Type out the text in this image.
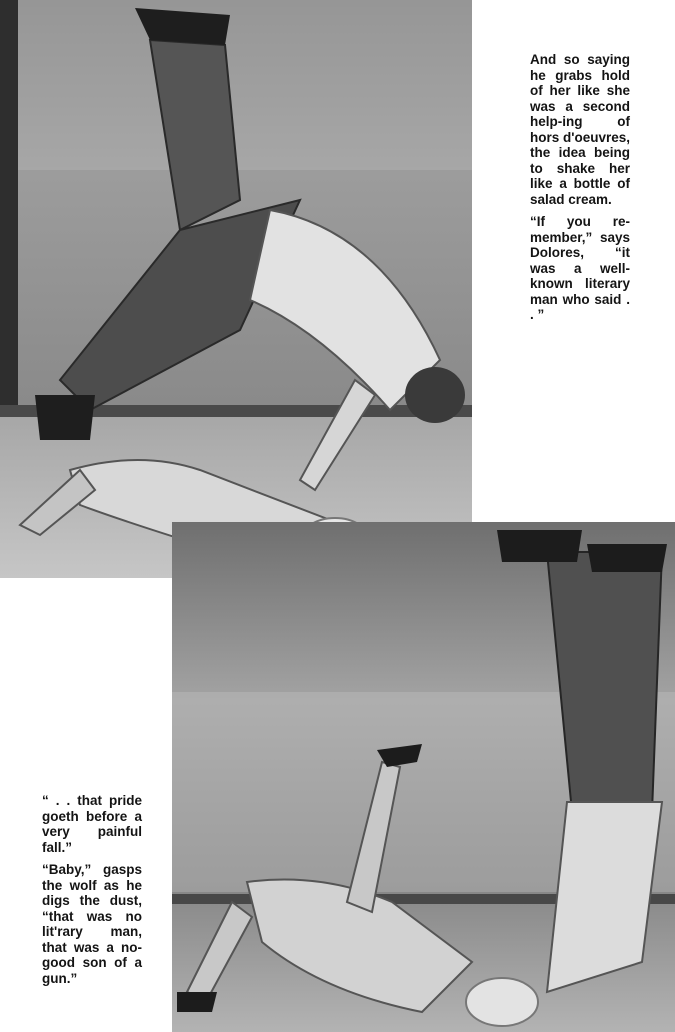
And so saying he grabs hold of her like she was a second help-ing of hors d'oeuvres, the idea being to shake her like a bottle of salad cream.

“If you re-member,” says Dolores, “it was a well-known literary man who said . . ”

“ . . that pride goeth before a very painful fall.”

“Baby,” gasps the wolf as he digs the dust, “that was no lit'rary man, that was a no-good son of a gun.”
